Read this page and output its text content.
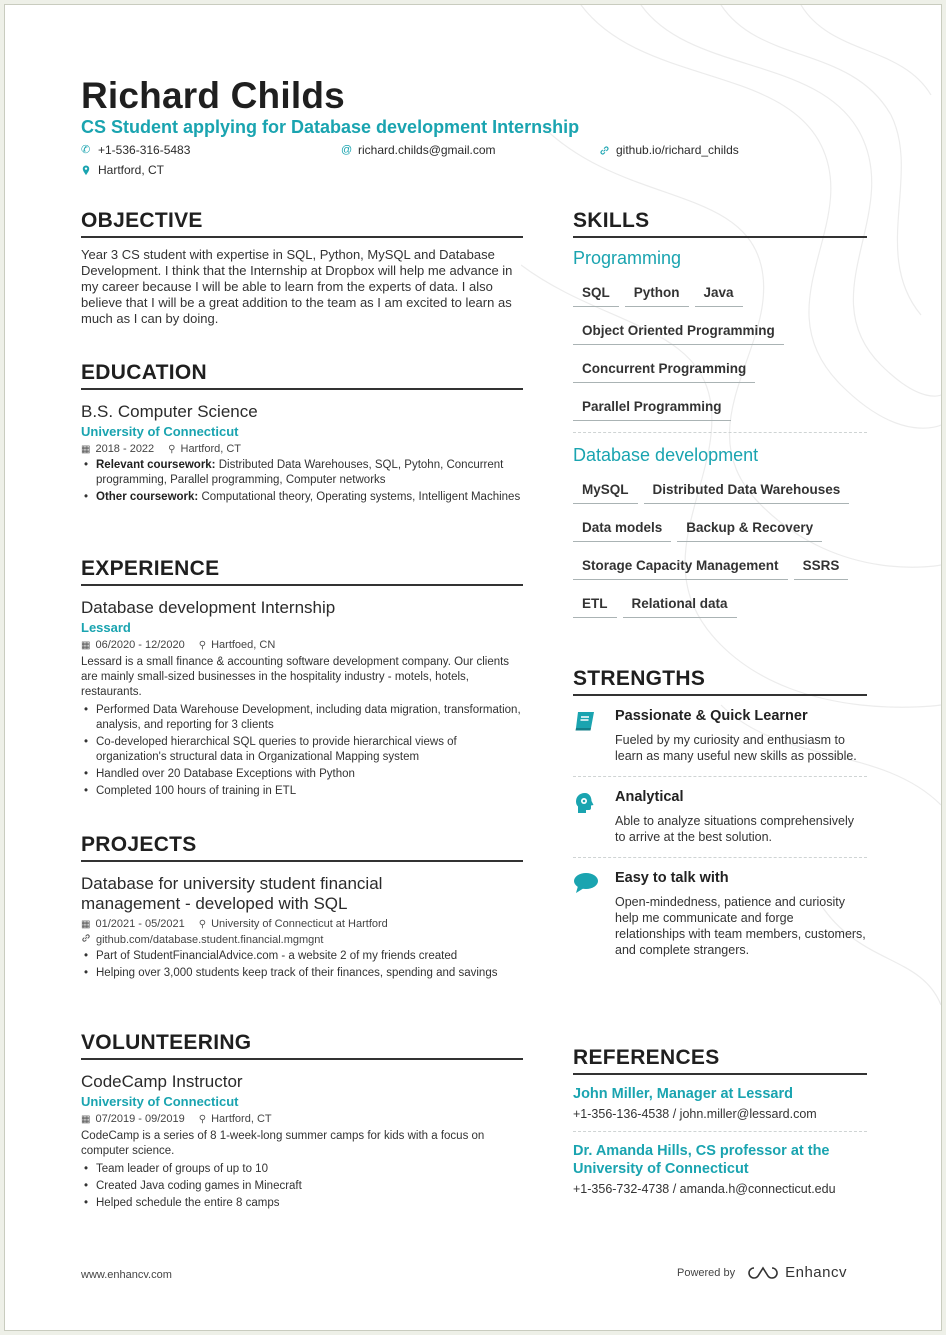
Richard Childs
CS Student applying for Database development Internship
✆ +1-536-316-5483	@ richard.childs@gmail.com	github.io/richard_childs
Hartford, CT
OBJECTIVE
Year 3 CS student with expertise in SQL, Python, MySQL and Database Development. I think that the Internship at Dropbox will help me advance in my career because I will be able to learn from the experts of data. I also believe that I will be a great addition to the team as I am excited to learn as much as I can by doing.
EDUCATION
B.S. Computer Science
University of Connecticut
▦ 2018 - 2022 ⚲ Hartford, CT
• Relevant coursework: Distributed Data Warehouses, SQL, Pytohn, Concurrent programming, Parallel programming, Computer networks
• Other coursework: Computational theory, Operating systems, Intelligent Machines
EXPERIENCE
Database development Internship
Lessard
▦ 06/2020 - 12/2020 ⚲ Hartfoed, CN
Lessard is a small finance & accounting software development company. Our clients are mainly small-sized businesses in the hospitality industry - motels, hotels, restaurants.
• Performed Data Warehouse Development, including data migration, transformation, analysis, and reporting for 3 clients
• Co-developed hierarchical SQL queries to provide hierarchical views of organization's structural data in Organizational Mapping system
• Handled over 20 Database Exceptions with Python
• Completed 100 hours of training in ETL
PROJECTS
Database for university student financial management - developed with SQL
▦ 01/2021 - 05/2021 ⚲ University of Connecticut at Hartford
github.com/database.student.financial.mgmgnt
• Part of StudentFinancialAdvice.com - a website 2 of my friends created
• Helping over 3,000 students keep track of their finances, spending and savings
VOLUNTEERING
CodeCamp Instructor
University of Connecticut
▦ 07/2019 - 09/2019 ⚲ Hartford, CT
CodeCamp is a series of 8 1-week-long summer camps for kids with a focus on computer science.
• Team leader of groups of up to 10
• Created Java coding games in Minecraft
• Helped schedule the entire 8 camps
SKILLS
Programming
SQL	Python	Java
Object Oriented Programming
Concurrent Programming
Parallel Programming
Database development
MySQL	Distributed Data Warehouses
Data models	Backup & Recovery
Storage Capacity Management	SSRS
ETL	Relational data
STRENGTHS
Passionate & Quick Learner
Fueled by my curiosity and enthusiasm to learn as many useful new skills as possible.
Analytical
Able to analyze situations comprehensively to arrive at the best solution.
Easy to talk with
Open-mindedness, patience and curiosity help me communicate and forge relationships with team members, customers, and complete strangers.
REFERENCES
John Miller, Manager at Lessard
+1-356-136-4538 / john.miller@lessard.com
Dr. Amanda Hills, CS professor at the University of Connecticut
+1-356-732-4738 / amanda.h@connecticut.edu
www.enhancv.com	Powered by	Enhancv
